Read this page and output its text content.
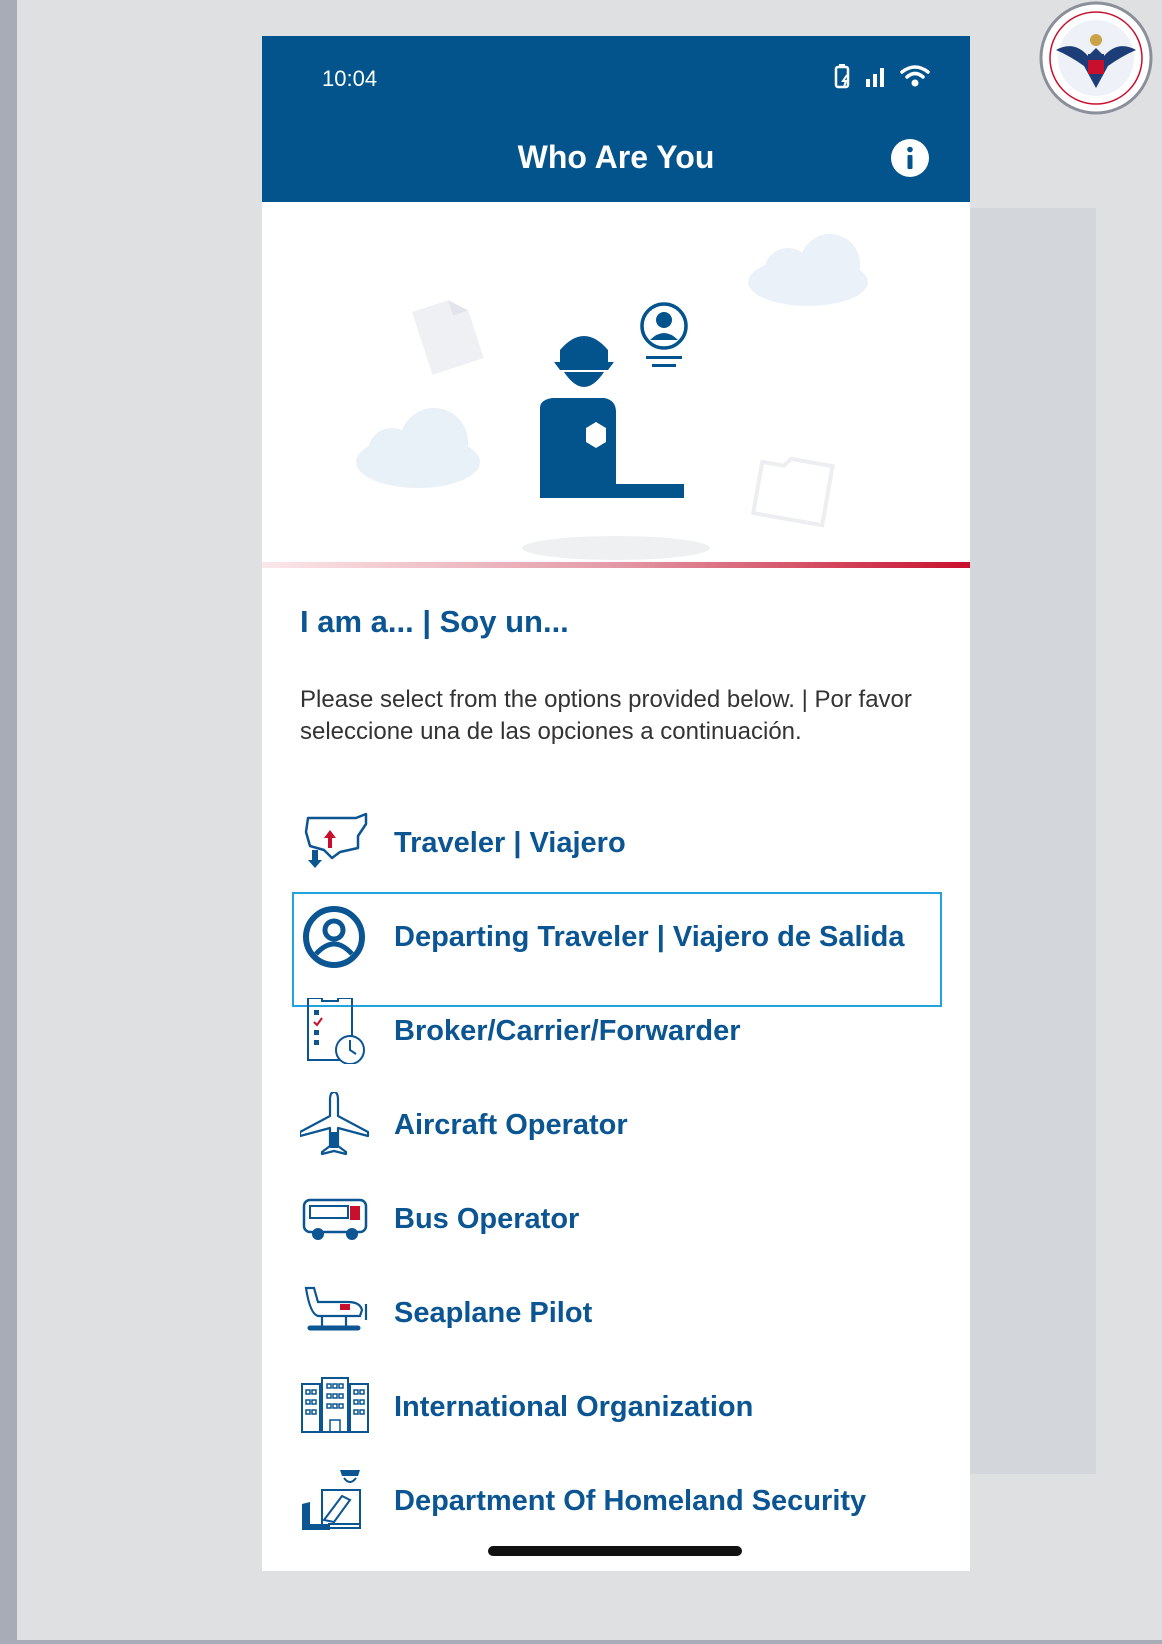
10:04
Who Are You
I am a... | Soy un...
Please select from the options provided below. | Por favor seleccione una de las opciones a continuación.
Traveler | Viajero
Departing Traveler | Viajero de Salida
Broker/Carrier/Forwarder
Aircraft Operator
Bus Operator
Seaplane Pilot
International Organization
Department Of Homeland Security
